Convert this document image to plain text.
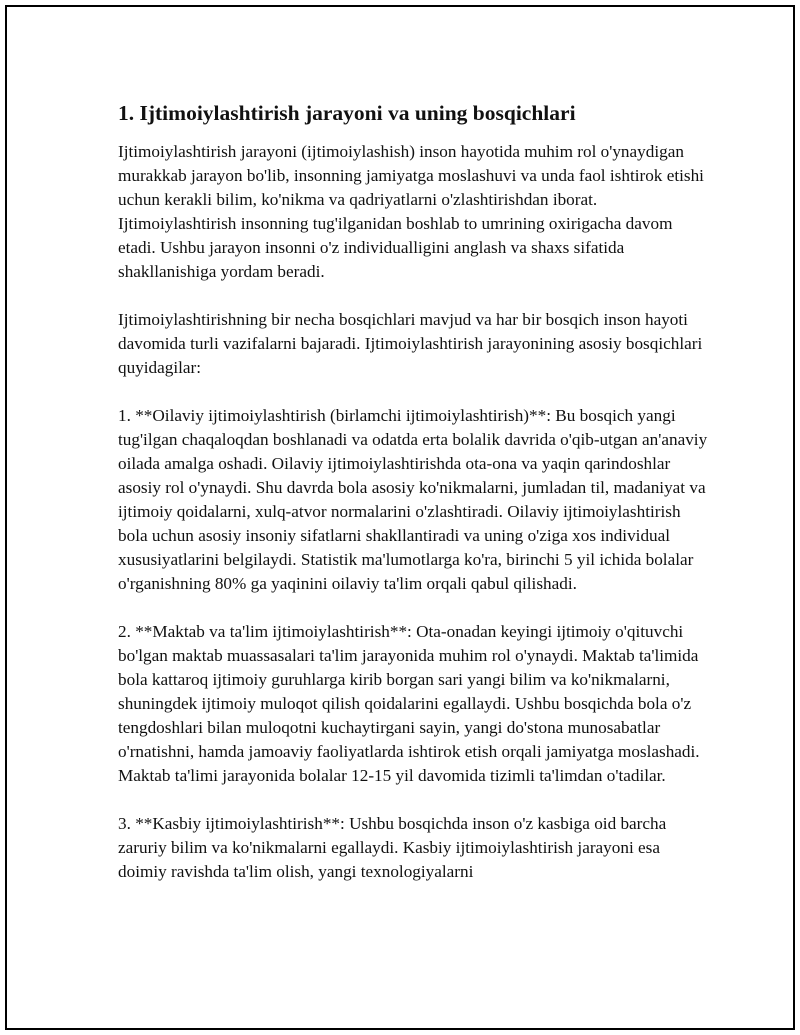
1. Ijtimoiylashtirish jarayoni va uning bosqichlari

Ijtimoiylashtirish jarayoni (ijtimoiylashish) inson hayotida muhim rol o'ynaydigan murakkab jarayon bo'lib, insonning jamiyatga moslashuvi va unda faol ishtirok etishi uchun kerakli bilim, ko'nikma va qadriyatlarni o'zlashtirishdan iborat. Ijtimoiylashtirish insonning tug'ilganidan boshlab to umrining oxirigacha davom etadi. Ushbu jarayon insonni o'z individualligini anglash va shaxs sifatida shakllanishiga yordam beradi.

Ijtimoiylashtirishning bir necha bosqichlari mavjud va har bir bosqich inson hayoti davomida turli vazifalarni bajaradi. Ijtimoiylashtirish jarayonining asosiy bosqichlari quyidagilar:

1. **Oilaviy ijtimoiylashtirish (birlamchi ijtimoiylashtirish)**: Bu bosqich yangi tug'ilgan chaqaloqdan boshlanadi va odatda erta bolalik davrida o'qib-utgan an'anaviy oilada amalga oshadi. Oilaviy ijtimoiylashtirishda ota-ona va yaqin qarindoshlar asosiy rol o'ynaydi. Shu davrda bola asosiy ko'nikmalarni, jumladan til, madaniyat va ijtimoiy qoidalarni, xulq-atvor normalarini o'zlashtiradi. Oilaviy ijtimoiylashtirish bola uchun asosiy insoniy sifatlarni shakllantiradi va uning o'ziga xos individual xususiyatlarini belgilaydi. Statistik ma'lumotlarga ko'ra, birinchi 5 yil ichida bolalar o'rganishning 80% ga yaqinini oilaviy ta'lim orqali qabul qilishadi.

2. **Maktab va ta'lim ijtimoiylashtirish**: Ota-onadan keyingi ijtimoiy o'qituvchi bo'lgan maktab muassasalari ta'lim jarayonida muhim rol o'ynaydi. Maktab ta'limida bola kattaroq ijtimoiy guruhlarga kirib borgan sari yangi bilim va ko'nikmalarni, shuningdek ijtimoiy muloqot qilish qoidalarini egallaydi. Ushbu bosqichda bola o'z tengdoshlari bilan muloqotni kuchaytirgani sayin, yangi do'stona munosabatlar o'rnatishni, hamda jamoaviy faoliyatlarda ishtirok etish orqali jamiyatga moslashadi. Maktab ta'limi jarayonida bolalar 12-15 yil davomida tizimli ta'limdan o'tadilar.

3. **Kasbiy ijtimoiylashtirish**: Ushbu bosqichda inson o'z kasbiga oid barcha zaruriy bilim va ko'nikmalarni egallaydi. Kasbiy ijtimoiylashtirish jarayoni esa doimiy ravishda ta'lim olish, yangi texnologiyalarni
